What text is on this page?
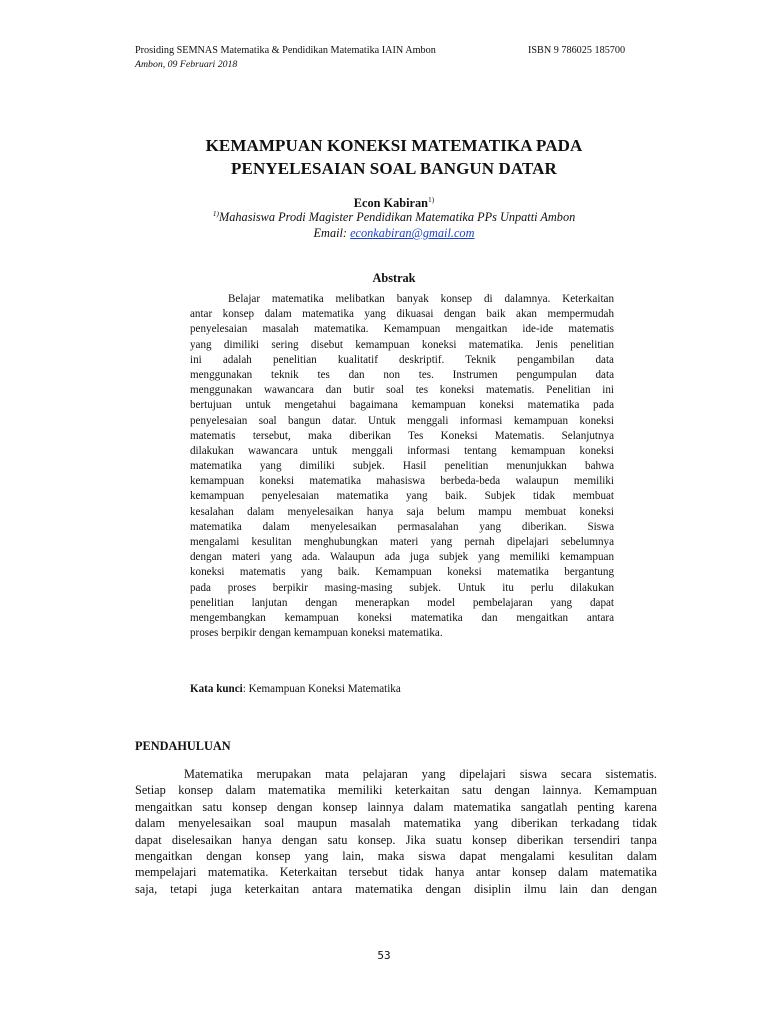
Prosiding SEMNAS Matematika & Pendidikan Matematika IAIN Ambon	ISBN 9 786025 185700
Ambon, 09 Februari 2018
KEMAMPUAN KONEKSI MATEMATIKA PADA
PENYELESAIAN SOAL BANGUN DATAR
Econ Kabiran$^{1)}$
$^{1)}$Mahasiswa Prodi Magister Pendidikan Matematika PPs Unpatti Ambon
Email: econkabiran@gmail.com
Abstrak
Belajar matematika melibatkan banyak konsep di dalamnya. Keterkaitan
antar konsep dalam matematika yang dikuasai dengan baik akan mempermudah
penyelesaian masalah matematika. Kemampuan mengaitkan ide-ide matematis
yang dimiliki sering disebut kemampuan koneksi matematika. Jenis penelitian
ini adalah penelitian kualitatif deskriptif. Teknik pengambilan data
menggunakan teknik tes dan non tes. Instrumen pengumpulan data
menggunakan wawancara dan butir soal tes koneksi matematis. Penelitian ini
bertujuan untuk mengetahui bagaimana kemampuan koneksi matematika pada
penyelesaian soal bangun datar. Untuk menggali informasi kemampuan koneksi
matematis tersebut, maka diberikan Tes Koneksi Matematis. Selanjutnya
dilakukan wawancara untuk menggali informasi tentang kemampuan koneksi
matematika yang dimiliki subjek. Hasil penelitian menunjukkan bahwa
kemampuan koneksi matematika mahasiswa berbeda-beda walaupun memiliki
kemampuan penyelesaian matematika yang baik. Subjek tidak membuat
kesalahan dalam menyelesaikan hanya saja belum mampu membuat koneksi
matematika dalam menyelesaikan permasalahan yang diberikan. Siswa
mengalami kesulitan menghubungkan materi yang pernah dipelajari sebelumnya
dengan materi yang ada. Walaupun ada juga subjek yang memiliki kemampuan
koneksi matematis yang baik. Kemampuan koneksi matematika bergantung
pada proses berpikir masing-masing subjek. Untuk itu perlu dilakukan
penelitian lanjutan dengan menerapkan model pembelajaran yang dapat
mengembangkan kemampuan koneksi matematika dan mengaitkan antara
proses berpikir dengan kemampuan koneksi matematika.
Kata kunci: Kemampuan Koneksi Matematika
PENDAHULUAN
Matematika merupakan mata pelajaran yang dipelajari siswa secara sistematis.
Setiap konsep dalam matematika memiliki keterkaitan satu dengan lainnya. Kemampuan
mengaitkan satu konsep dengan konsep lainnya dalam matematika sangatlah penting karena
dalam menyelesaikan soal maupun masalah matematika yang diberikan terkadang tidak
dapat diselesaikan hanya dengan satu konsep. Jika suatu konsep diberikan tersendiri tanpa
mengaitkan dengan konsep yang lain, maka siswa dapat mengalami kesulitan dalam
mempelajari matematika. Keterkaitan tersebut tidak hanya antar konsep dalam matematika
saja, tetapi juga keterkaitan antara matematika dengan disiplin ilmu lain dan dengan
53
